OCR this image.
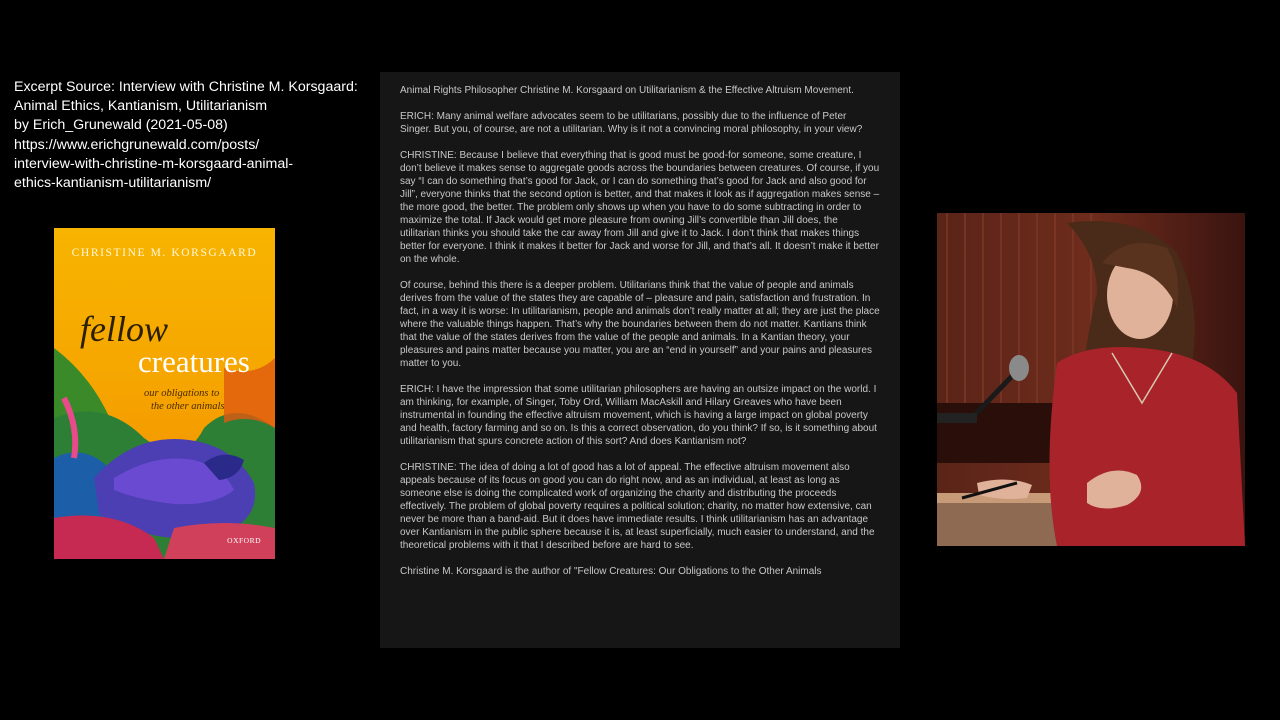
Excerpt Source: Interview with Christine M. Korsgaard:
Animal Ethics, Kantianism, Utilitarianism
by Erich_Grunewald (2021-05-08)
https://www.erichgrunewald.com/posts/
interview-with-christine-m-korsgaard-animal-
ethics-kantianism-utilitarianism/
CHRISTINE M. KORSGAARD
fellow
creatures
our obligations to
the other animals
OXFORD

Animal Rights Philosopher Christine M. Korsgaard on Utilitarianism & the Effective Altruism Movement.

ERICH: Many animal welfare advocates seem to be utilitarians, possibly due to the influence of Peter Singer. But you, of course, are not a utilitarian. Why is it not a convincing moral philosophy, in your view?

CHRISTINE: Because I believe that everything that is good must be good-for someone, some creature, I don’t believe it makes sense to aggregate goods across the boundaries between creatures. Of course, if you say “I can do something that’s good for Jack, or I can do something that’s good for Jack and also good for Jill”, everyone thinks that the second option is better, and that makes it look as if aggregation makes sense – the more good, the better. The problem only shows up when you have to do some subtracting in order to maximize the total. If Jack would get more pleasure from owning Jill’s convertible than Jill does, the utilitarian thinks you should take the car away from Jill and give it to Jack. I don’t think that makes things better for everyone. I think it makes it better for Jack and worse for Jill, and that’s all. It doesn’t make it better on the whole.

Of course, behind this there is a deeper problem. Utilitarians think that the value of people and animals derives from the value of the states they are capable of – pleasure and pain, satisfaction and frustration. In fact, in a way it is worse: In utilitarianism, people and animals don’t really matter at all; they are just the place where the valuable things happen. That’s why the boundaries between them do not matter. Kantians think that the value of the states derives from the value of the people and animals. In a Kantian theory, your pleasures and pains matter because you matter, you are an “end in yourself” and your pains and pleasures matter to you.

ERICH: I have the impression that some utilitarian philosophers are having an outsize impact on the world. I am thinking, for example, of Singer, Toby Ord, William MacAskill and Hilary Greaves who have been instrumental in founding the effective altruism movement, which is having a large impact on global poverty and health, factory farming and so on. Is this a correct observation, do you think? If so, is it something about utilitarianism that spurs concrete action of this sort? And does Kantianism not?

CHRISTINE: The idea of doing a lot of good has a lot of appeal. The effective altruism movement also appeals because of its focus on good you can do right now, and as an individual, at least as long as someone else is doing the complicated work of organizing the charity and distributing the proceeds effectively. The problem of global poverty requires a political solution; charity, no matter how extensive, can never be more than a band-aid. But it does have immediate results. I think utilitarianism has an advantage over Kantianism in the public sphere because it is, at least superficially, much easier to understand, and the theoretical problems with it that I described before are hard to see.

Christine M. Korsgaard is the author of "Fellow Creatures: Our Obligations to the Other Animals
